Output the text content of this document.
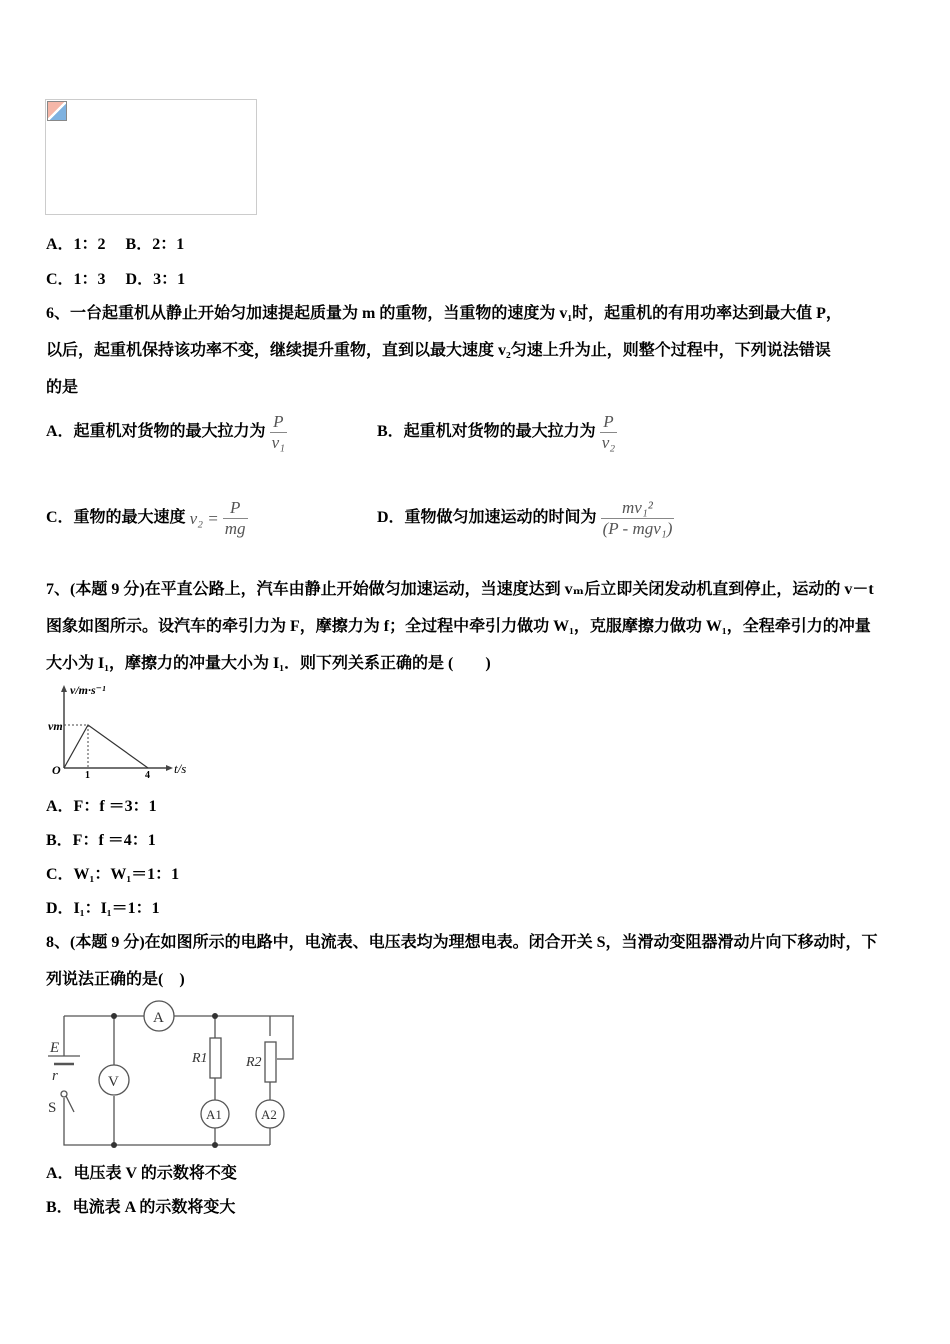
A．1：2　 B．2：1
C．1：3　 D．3：1
6、一台起重机从静止开始匀加速提起质量为 m 的重物，当重物的速度为 v₁时，起重机的有用功率达到最大值 P，
以后，起重机保持该功率不变，继续提升重物，直到以最大速度 v₂匀速上升为止，则整个过程中，下列说法错误
的是
A．起重机对货物的最大拉力为 $\frac{P}{\text{v₁}}$	B．起重机对货物的最大拉力为 $\frac{P}{\text{v₂}}$
C．重物的最大速度 $v_2 = \frac{P}{mg}$	D．重物做匀加速运动的时间为 $\frac{\text{mv₁²}}{\text{(P - mgv₁)}}$
7、(本题 9 分)在平直公路上，汽车由静止开始做匀加速运动，当速度达到 vₘ后立即关闭发动机直到停止，运动的 v－t
图象如图所示。设汽车的牵引力为 F，摩擦力为 f；全过程中牵引力做功 W₁，克服摩擦力做功 W₁，全程牵引力的冲量
大小为 I₁，摩擦力的冲量大小为 I₁．则下列关系正确的是 (　　)
v/m·s⁻¹
vm
O 1	4 t/s
A．F：f ＝3：1
B．F：f ＝4：1
C．W₁：W₁＝1：1
D．I₁：I₁＝1：1
8、(本题 9 分)在如图所示的电路中，电流表、电压表均为理想电表。闭合开关 S，当滑动变阻器滑动片向下移动时，下
列说法正确的是(　)
E
r
S
A
V
R1	R2
A1	A2
A．电压表 V 的示数将不变
B．电流表 A 的示数将变大
